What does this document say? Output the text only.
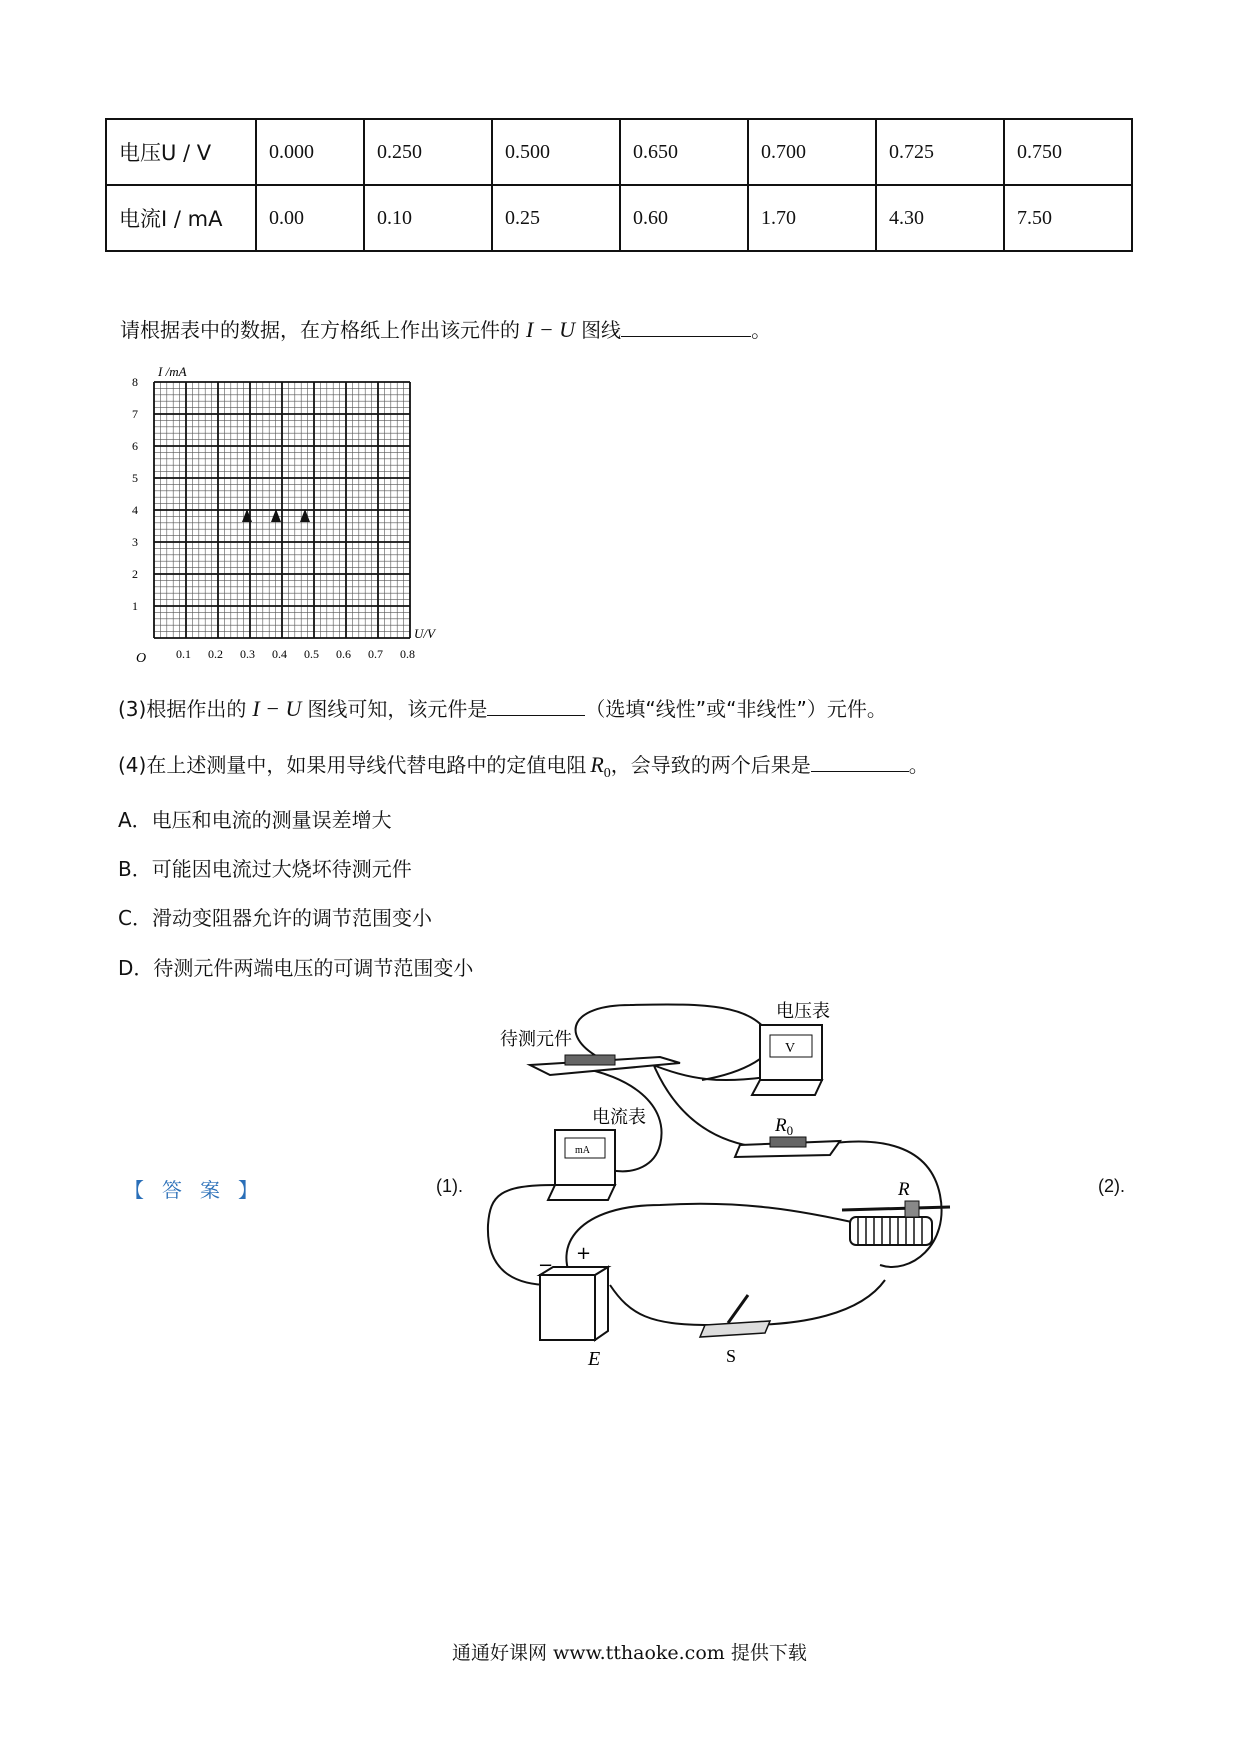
电压U / V	0.000	0.250	0.500	0.650	0.700	0.725	0.750
电流I / mA	0.00	0.10	0.25	0.60	1.70	4.30	7.50
请根据表中的数据，在方格纸上作出该元件的 I − U 图线	。
I /mA
U/V
O
1
2
3
4
5
6
7
8
0.1 0.2 0.3 0.4 0.5 0.6 0.7 0.8
(3)根据作出的 I − U 图线可知，该元件是	（选填“线性”或“非线性”）元件。
(4)在上述测量中，如果用导线代替电路中的定值电阻 $R_0$，会导致的两个后果是	。
A．电压和电流的测量误差增大
B．可能因电流过大烧坏待测元件
C．滑动变阻器允许的调节范围变小
D．待测元件两端电压的可调节范围变小
【答案】	(1).	(2).
待测元件	V
电压表
$R_0$
mA
电流表
R
−
+
E	S
通通好课网 www.tthaoke.com 提供下载
